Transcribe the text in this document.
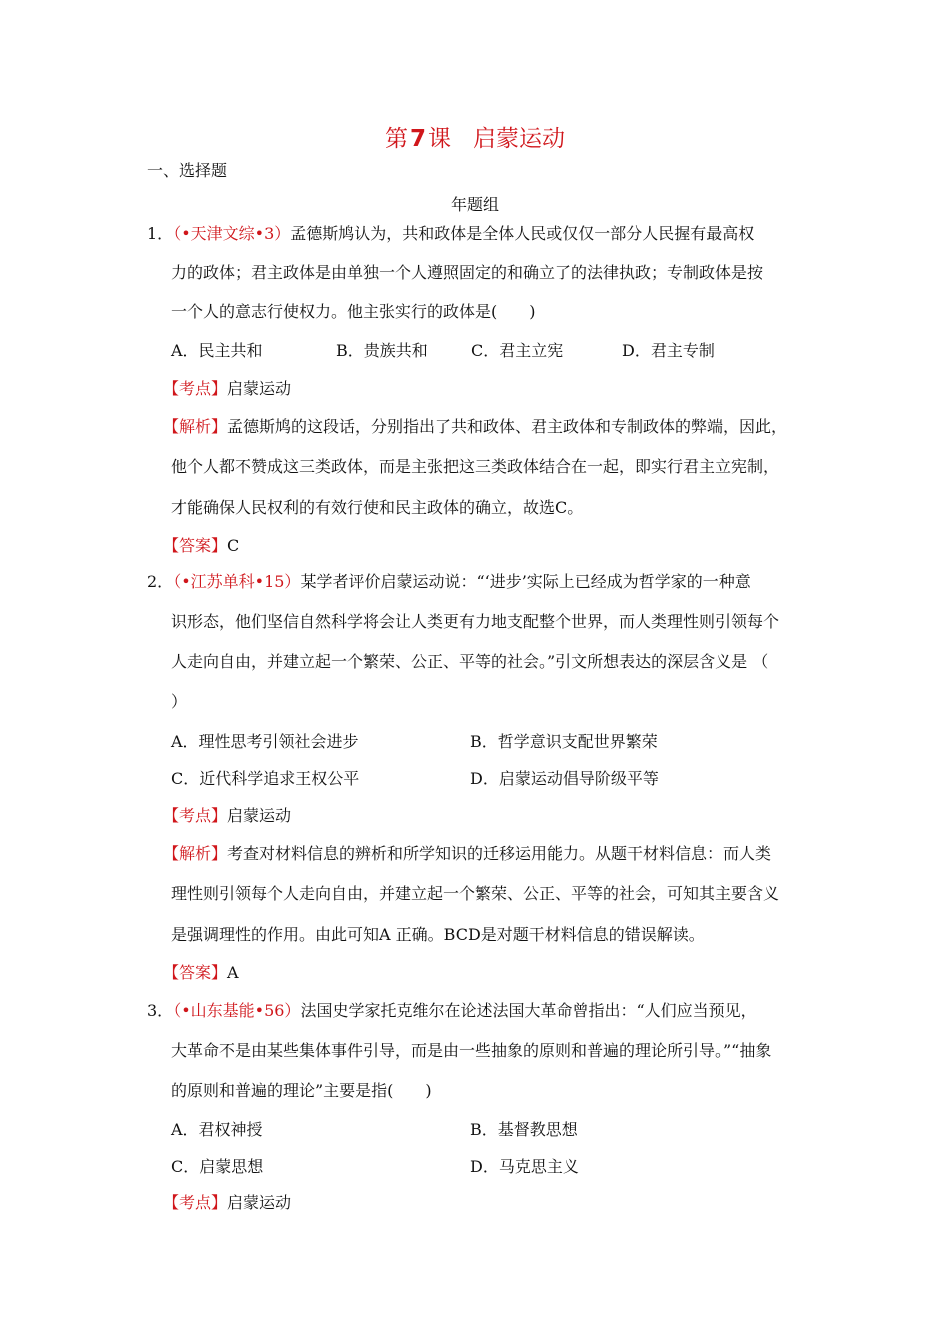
第7课 启蒙运动
一、选择题
年题组
1．（•天津文综•3）孟德斯鸠认为，共和政体是全体人民或仅仅一部分人民握有最高权
力的政体；君主政体是由单独一个人遵照固定的和确立了的法律执政；专制政体是按
一个人的意志行使权力。他主张实行的政体是(　　)
A．民主共和	B．贵族共和	C．君主立宪	D．君主专制
【考点】启蒙运动
【解析】孟德斯鸠的这段话，分别指出了共和政体、君主政体和专制政体的弊端，因此，
他个人都不赞成这三类政体，而是主张把这三类政体结合在一起，即实行君主立宪制，
才能确保人民权利的有效行使和民主政体的确立，故选C。
【答案】C
2．（•江苏单科•15）某学者评价启蒙运动说：“‘进步’实际上已经成为哲学家的一种意
识形态，他们坚信自然科学将会让人类更有力地支配整个世界，而人类理性则引领每个
人走向自由，并建立起一个繁荣、公正、平等的社会。”引文所想表达的深层含义是 （
）
A．理性思考引领社会进步	B．哲学意识支配世界繁荣
C．近代科学追求王权公平	D．启蒙运动倡导阶级平等
【考点】启蒙运动
【解析】考查对材料信息的辨析和所学知识的迁移运用能力。从题干材料信息：而人类
理性则引领每个人走向自由，并建立起一个繁荣、公正、平等的社会，可知其主要含义
是强调理性的作用。由此可知A 正确。BCD是对题干材料信息的错误解读。
【答案】A
3．（•山东基能•56）法国史学家托克维尔在论述法国大革命曾指出：“人们应当预见，
大革命不是由某些集体事件引导，而是由一些抽象的原则和普遍的理论所引导。”“抽象
的原则和普遍的理论”主要是指(　　)
A．君权神授	B．基督教思想
C．启蒙思想	D．马克思主义
【考点】启蒙运动
